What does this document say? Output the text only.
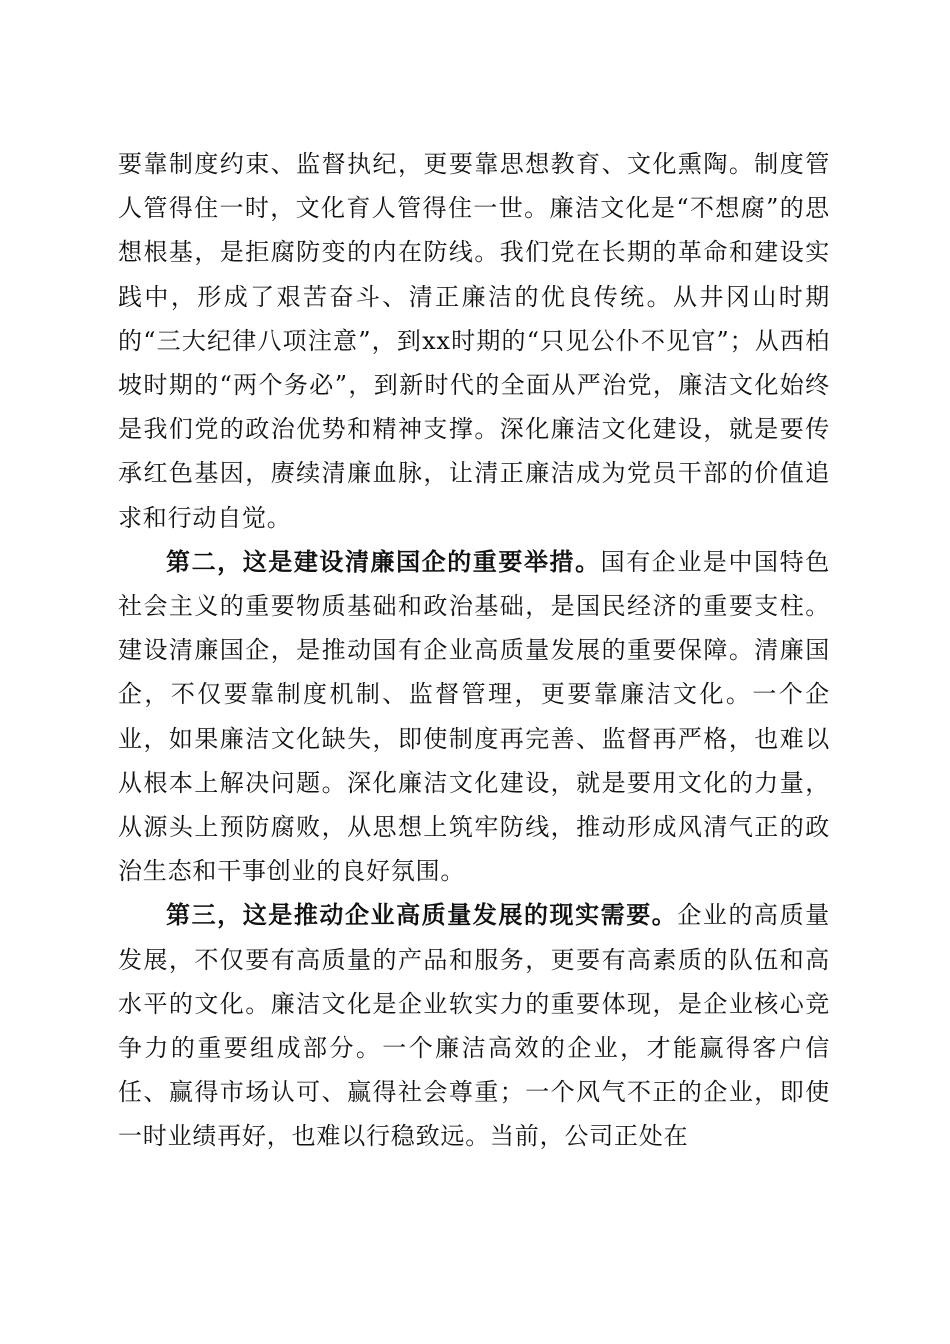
要靠制度约束、监督执纪，更要靠思想教育、文化熏陶。制度管人管得住一时，文化育人管得住一世。廉洁文化是“不想腐”的思想根基，是拒腐防变的内在防线。我们党在长期的革命和建设实践中，形成了艰苦奋斗、清正廉洁的优良传统。从井冈山时期的“三大纪律八项注意”，到xx时期的“只见公仆不见官”；从西柏坡时期的“两个务必”，到新时代的全面从严治党，廉洁文化始终是我们党的政治优势和精神支撑。深化廉洁文化建设，就是要传承红色基因，赓续清廉血脉，让清正廉洁成为党员干部的价值追求和行动自觉。

第二，这是建设清廉国企的重要举措。国有企业是中国特色社会主义的重要物质基础和政治基础，是国民经济的重要支柱。建设清廉国企，是推动国有企业高质量发展的重要保障。清廉国企，不仅要靠制度机制、监督管理，更要靠廉洁文化。一个企业，如果廉洁文化缺失，即使制度再完善、监督再严格，也难以从根本上解决问题。深化廉洁文化建设，就是要用文化的力量，从源头上预防腐败，从思想上筑牢防线，推动形成风清气正的政治生态和干事创业的良好氛围。

第三，这是推动企业高质量发展的现实需要。企业的高质量发展，不仅要有高质量的产品和服务，更要有高素质的队伍和高水平的文化。廉洁文化是企业软实力的重要体现，是企业核心竞争力的重要组成部分。一个廉洁高效的企业，才能赢得客户信任、赢得市场认可、赢得社会尊重；一个风气不正的企业，即使一时业绩再好，也难以行稳致远。当前，公司正处在
